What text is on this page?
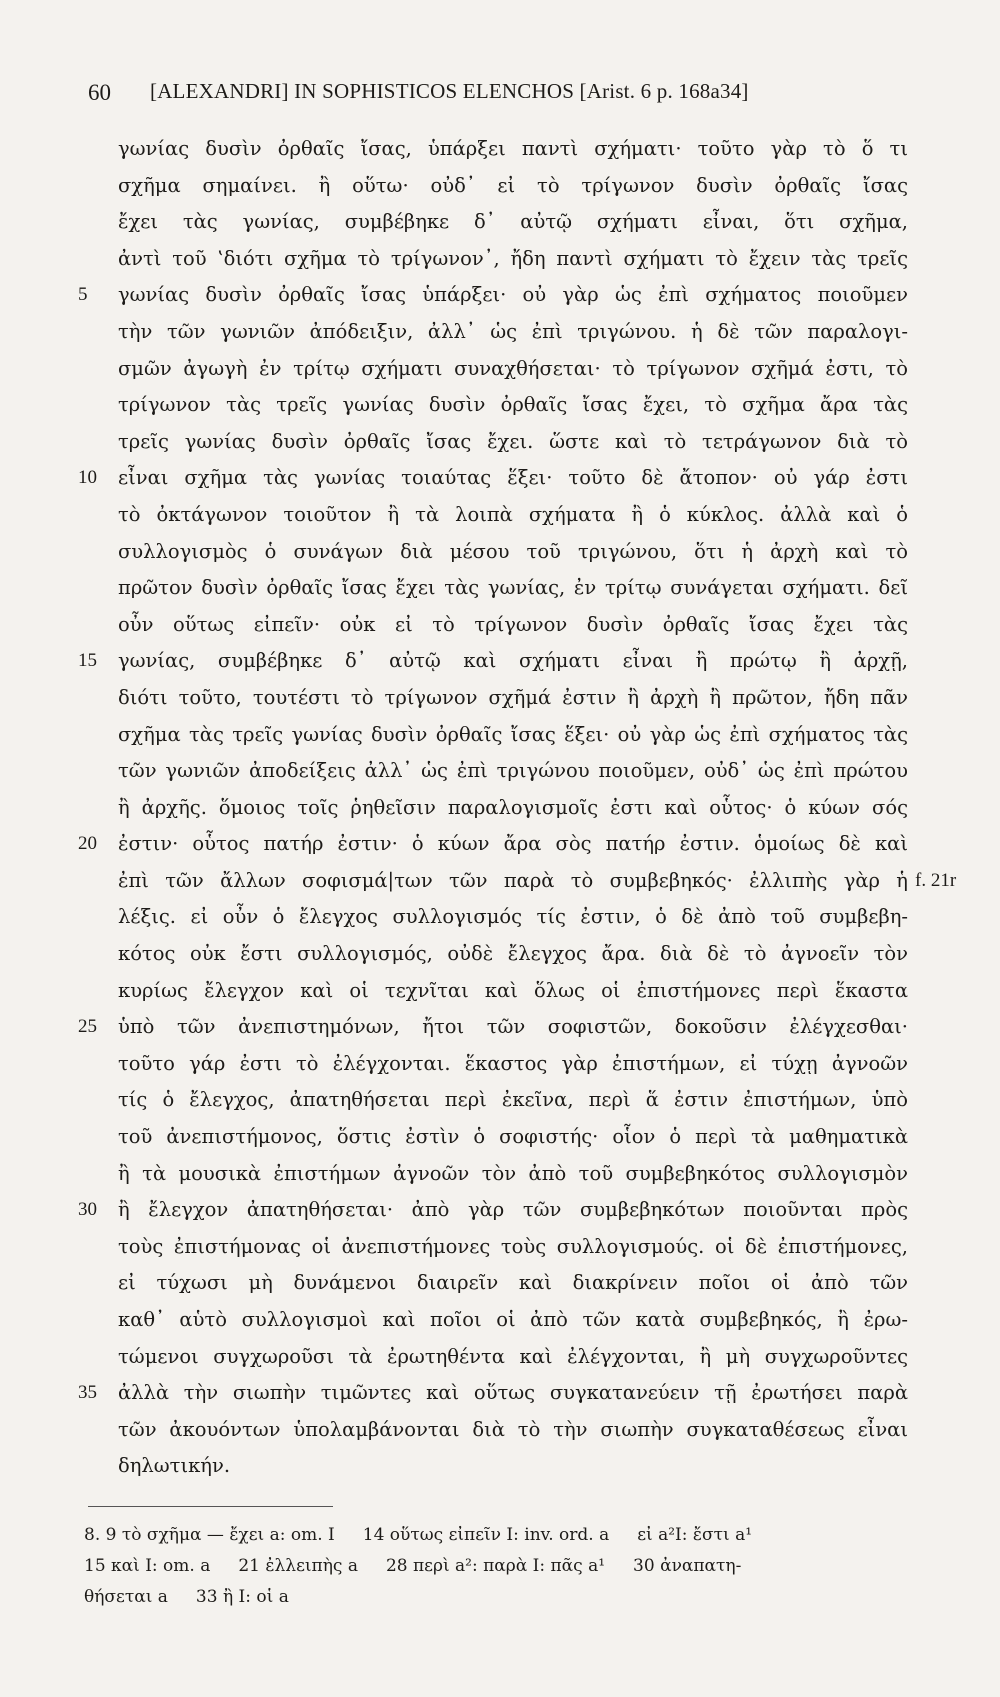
60 [ALEXANDRI] IN SOPHISTICOS ELENCHOS [Arist. 6 p. 168a34]
γωνίας δυσὶν ὀρθαῖς ἴσας, ὑπάρξει παντὶ σχήματι· τοῦτο γὰρ τὸ ὅ τι
σχῆμα σημαίνει. ἢ οὕτω· οὐδ᾽ εἰ τὸ τρίγωνον δυσὶν ὀρθαῖς ἴσας
ἔχει τὰς γωνίας, συμβέβηκε δ᾽ αὐτῷ σχήματι εἶναι, ὅτι σχῆμα,
ἀντὶ τοῦ ‛διότι σχῆμα τὸ τρίγωνον᾽, ἤδη παντὶ σχήματι τὸ ἔχειν τὰς τρεῖς
5	γωνίας δυσὶν ὀρθαῖς ἴσας ὑπάρξει· οὐ γὰρ ὡς ἐπὶ σχήματος ποιοῦμεν
τὴν τῶν γωνιῶν ἀπόδειξιν, ἀλλ᾽ ὡς ἐπὶ τριγώνου. ἡ δὲ τῶν παραλογι-
σμῶν ἀγωγὴ ἐν τρίτῳ σχήματι συναχθήσεται· τὸ τρίγωνον σχῆμά ἐστι, τὸ
τρίγωνον τὰς τρεῖς γωνίας δυσὶν ὀρθαῖς ἴσας ἔχει, τὸ σχῆμα ἄρα τὰς
τρεῖς γωνίας δυσὶν ὀρθαῖς ἴσας ἔχει. ὥστε καὶ τὸ τετράγωνον διὰ τὸ
10	εἶναι σχῆμα τὰς γωνίας τοιαύτας ἕξει· τοῦτο δὲ ἄτοπον· οὐ γάρ ἐστι
τὸ ὀκτάγωνον τοιοῦτον ἢ τὰ λοιπὰ σχήματα ἢ ὁ κύκλος. ἀλλὰ καὶ ὁ
συλλογισμὸς ὁ συνάγων διὰ μέσου τοῦ τριγώνου, ὅτι ἡ ἀρχὴ καὶ τὸ
πρῶτον δυσὶν ὀρθαῖς ἴσας ἔχει τὰς γωνίας, ἐν τρίτῳ συνάγεται σχήματι. δεῖ
οὖν οὕτως εἰπεῖν· οὐκ εἰ τὸ τρίγωνον δυσὶν ὀρθαῖς ἴσας ἔχει τὰς
15	γωνίας, συμβέβηκε δ᾽ αὐτῷ καὶ σχήματι εἶναι ἢ πρώτῳ ἢ ἀρχῇ,
διότι τοῦτο, τουτέστι τὸ τρίγωνον σχῆμά ἐστιν ἢ ἀρχὴ ἢ πρῶτον, ἤδη πᾶν
σχῆμα τὰς τρεῖς γωνίας δυσὶν ὀρθαῖς ἴσας ἕξει· οὐ γὰρ ὡς ἐπὶ σχήματος τὰς
τῶν γωνιῶν ἀποδείξεις ἀλλ᾽ ὡς ἐπὶ τριγώνου ποιοῦμεν, οὐδ᾽ ὡς ἐπὶ πρώτου
ἢ ἀρχῆς. ὅμοιος τοῖς ῥηθεῖσιν παραλογισμοῖς ἐστι καὶ οὗτος· ὁ κύων σός
20	ἐστιν· οὗτος πατήρ ἐστιν· ὁ κύων ἄρα σὸς πατήρ ἐστιν. ὁμοίως δὲ καὶ
ἐπὶ τῶν ἄλλων σοφισμά|των τῶν παρὰ τὸ συμβεβηκός· ἐλλιπὴς γὰρ ἡ f. 21r
λέξις. εἰ οὖν ὁ ἔλεγχος συλλογισμός τίς ἐστιν, ὁ δὲ ἀπὸ τοῦ συμβεβη-
κότος οὐκ ἔστι συλλογισμός, οὐδὲ ἔλεγχος ἄρα. διὰ δὲ τὸ ἀγνοεῖν τὸν
κυρίως ἔλεγχον καὶ οἱ τεχνῖται καὶ ὅλως οἱ ἐπιστήμονες περὶ ἕκαστα
25	ὑπὸ τῶν ἀνεπιστημόνων, ἤτοι τῶν σοφιστῶν, δοκοῦσιν ἐλέγχεσθαι·
τοῦτο γάρ ἐστι τὸ ἐλέγχονται. ἕκαστος γὰρ ἐπιστήμων, εἰ τύχῃ ἀγνοῶν
τίς ὁ ἔλεγχος, ἀπατηθήσεται περὶ ἐκεῖνα, περὶ ἅ ἐστιν ἐπιστήμων, ὑπὸ
τοῦ ἀνεπιστήμονος, ὅστις ἐστὶν ὁ σοφιστής· οἷον ὁ περὶ τὰ μαθηματικὰ
ἢ τὰ μουσικὰ ἐπιστήμων ἀγνοῶν τὸν ἀπὸ τοῦ συμβεβηκότος συλλογισμὸν
30	ἢ ἔλεγχον ἀπατηθήσεται· ἀπὸ γὰρ τῶν συμβεβηκότων ποιοῦνται πρὸς
τοὺς ἐπιστήμονας οἱ ἀνεπιστήμονες τοὺς συλλογισμούς. οἱ δὲ ἐπιστήμονες,
εἰ τύχωσι μὴ δυνάμενοι διαιρεῖν καὶ διακρίνειν ποῖοι οἱ ἀπὸ τῶν
καθ᾽ αὑτὸ συλλογισμοὶ καὶ ποῖοι οἱ ἀπὸ τῶν κατὰ συμβεβηκός, ἢ ἐρω-
τώμενοι συγχωροῦσι τὰ ἐρωτηθέντα καὶ ἐλέγχονται, ἢ μὴ συγχωροῦντες
35	ἀλλὰ τὴν σιωπὴν τιμῶντες καὶ οὕτως συγκατανεύειν τῇ ἐρωτήσει παρὰ
τῶν ἀκουόντων ὑπολαμβάνονται διὰ τὸ τὴν σιωπὴν συγκαταθέσεως εἶναι
δηλωτικήν.
8. 9 τὸ σχῆμα — ἔχει a: om. I 14 οὕτως εἰπεῖν I: inv. ord. a εἰ a²I: ἔστι a¹
15 καὶ I: om. a 21 ἐλλειπὴς a 28 περὶ a²: παρὰ I: πᾶς a¹ 30 ἀναπατη-
θήσεται a 33 ἢ I: οἱ a
